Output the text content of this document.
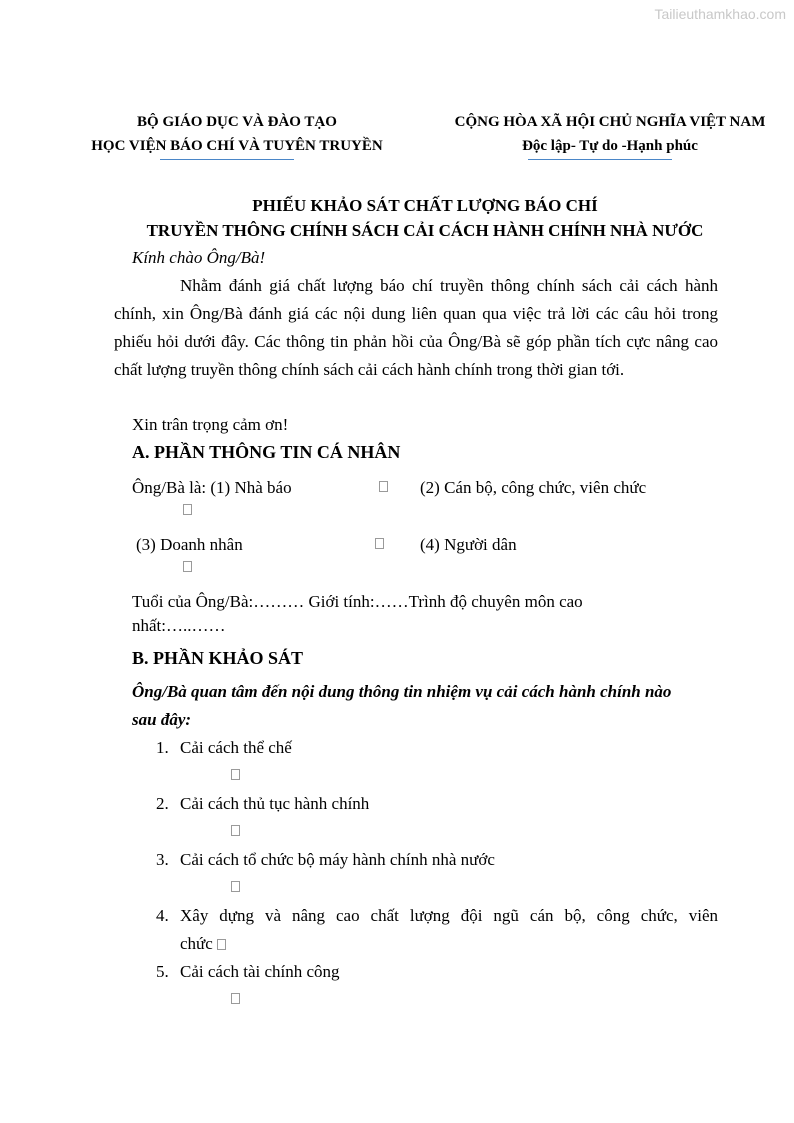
Tailieuthamkhao.com
BỘ GIÁO DỤC VÀ ĐÀO TẠO
HỌC VIỆN BÁO CHÍ VÀ TUYÊN TRUYỀN
CỘNG HÒA XÃ HỘI CHỦ NGHĨA VIỆT NAM
Độc lập- Tự do -Hạnh phúc
PHIẾU KHẢO SÁT CHẤT LƯỢNG BÁO CHÍ
TRUYỀN THÔNG CHÍNH SÁCH CẢI CÁCH HÀNH CHÍNH NHÀ NƯỚC
Kính chào Ông/Bà!
Nhằm đánh giá chất lượng báo chí truyền thông chính sách cải cách hành chính, xin Ông/Bà đánh giá các nội dung liên quan qua việc trả lời các câu hỏi trong phiếu hỏi dưới đây. Các thông tin phản hồi của Ông/Bà sẽ góp phần tích cực nâng cao chất lượng truyền thông chính sách cải cách hành chính trong thời gian tới.
Xin trân trọng cảm ơn!
A. PHẦN THÔNG TIN CÁ NHÂN
Ông/Bà là: (1) Nhà báo	(2) Cán bộ, công chức, viên chức
(3) Doanh nhân	(4) Người dân
Tuổi của Ông/Bà:……… Giới tính:……Trình độ chuyên môn cao
nhất:…..……
B. PHẦN KHẢO SÁT
Ông/Bà quan tâm đến nội dung thông tin nhiệm vụ cải cách hành chính nào
sau đây:
1. Cải cách thể chế
2. Cải cách thủ tục hành chính
3. Cải cách tổ chức bộ máy hành chính nhà nước
4. Xây dựng và nâng cao chất lượng đội ngũ cán bộ, công chức, viên
chức
5. Cải cách tài chính công
